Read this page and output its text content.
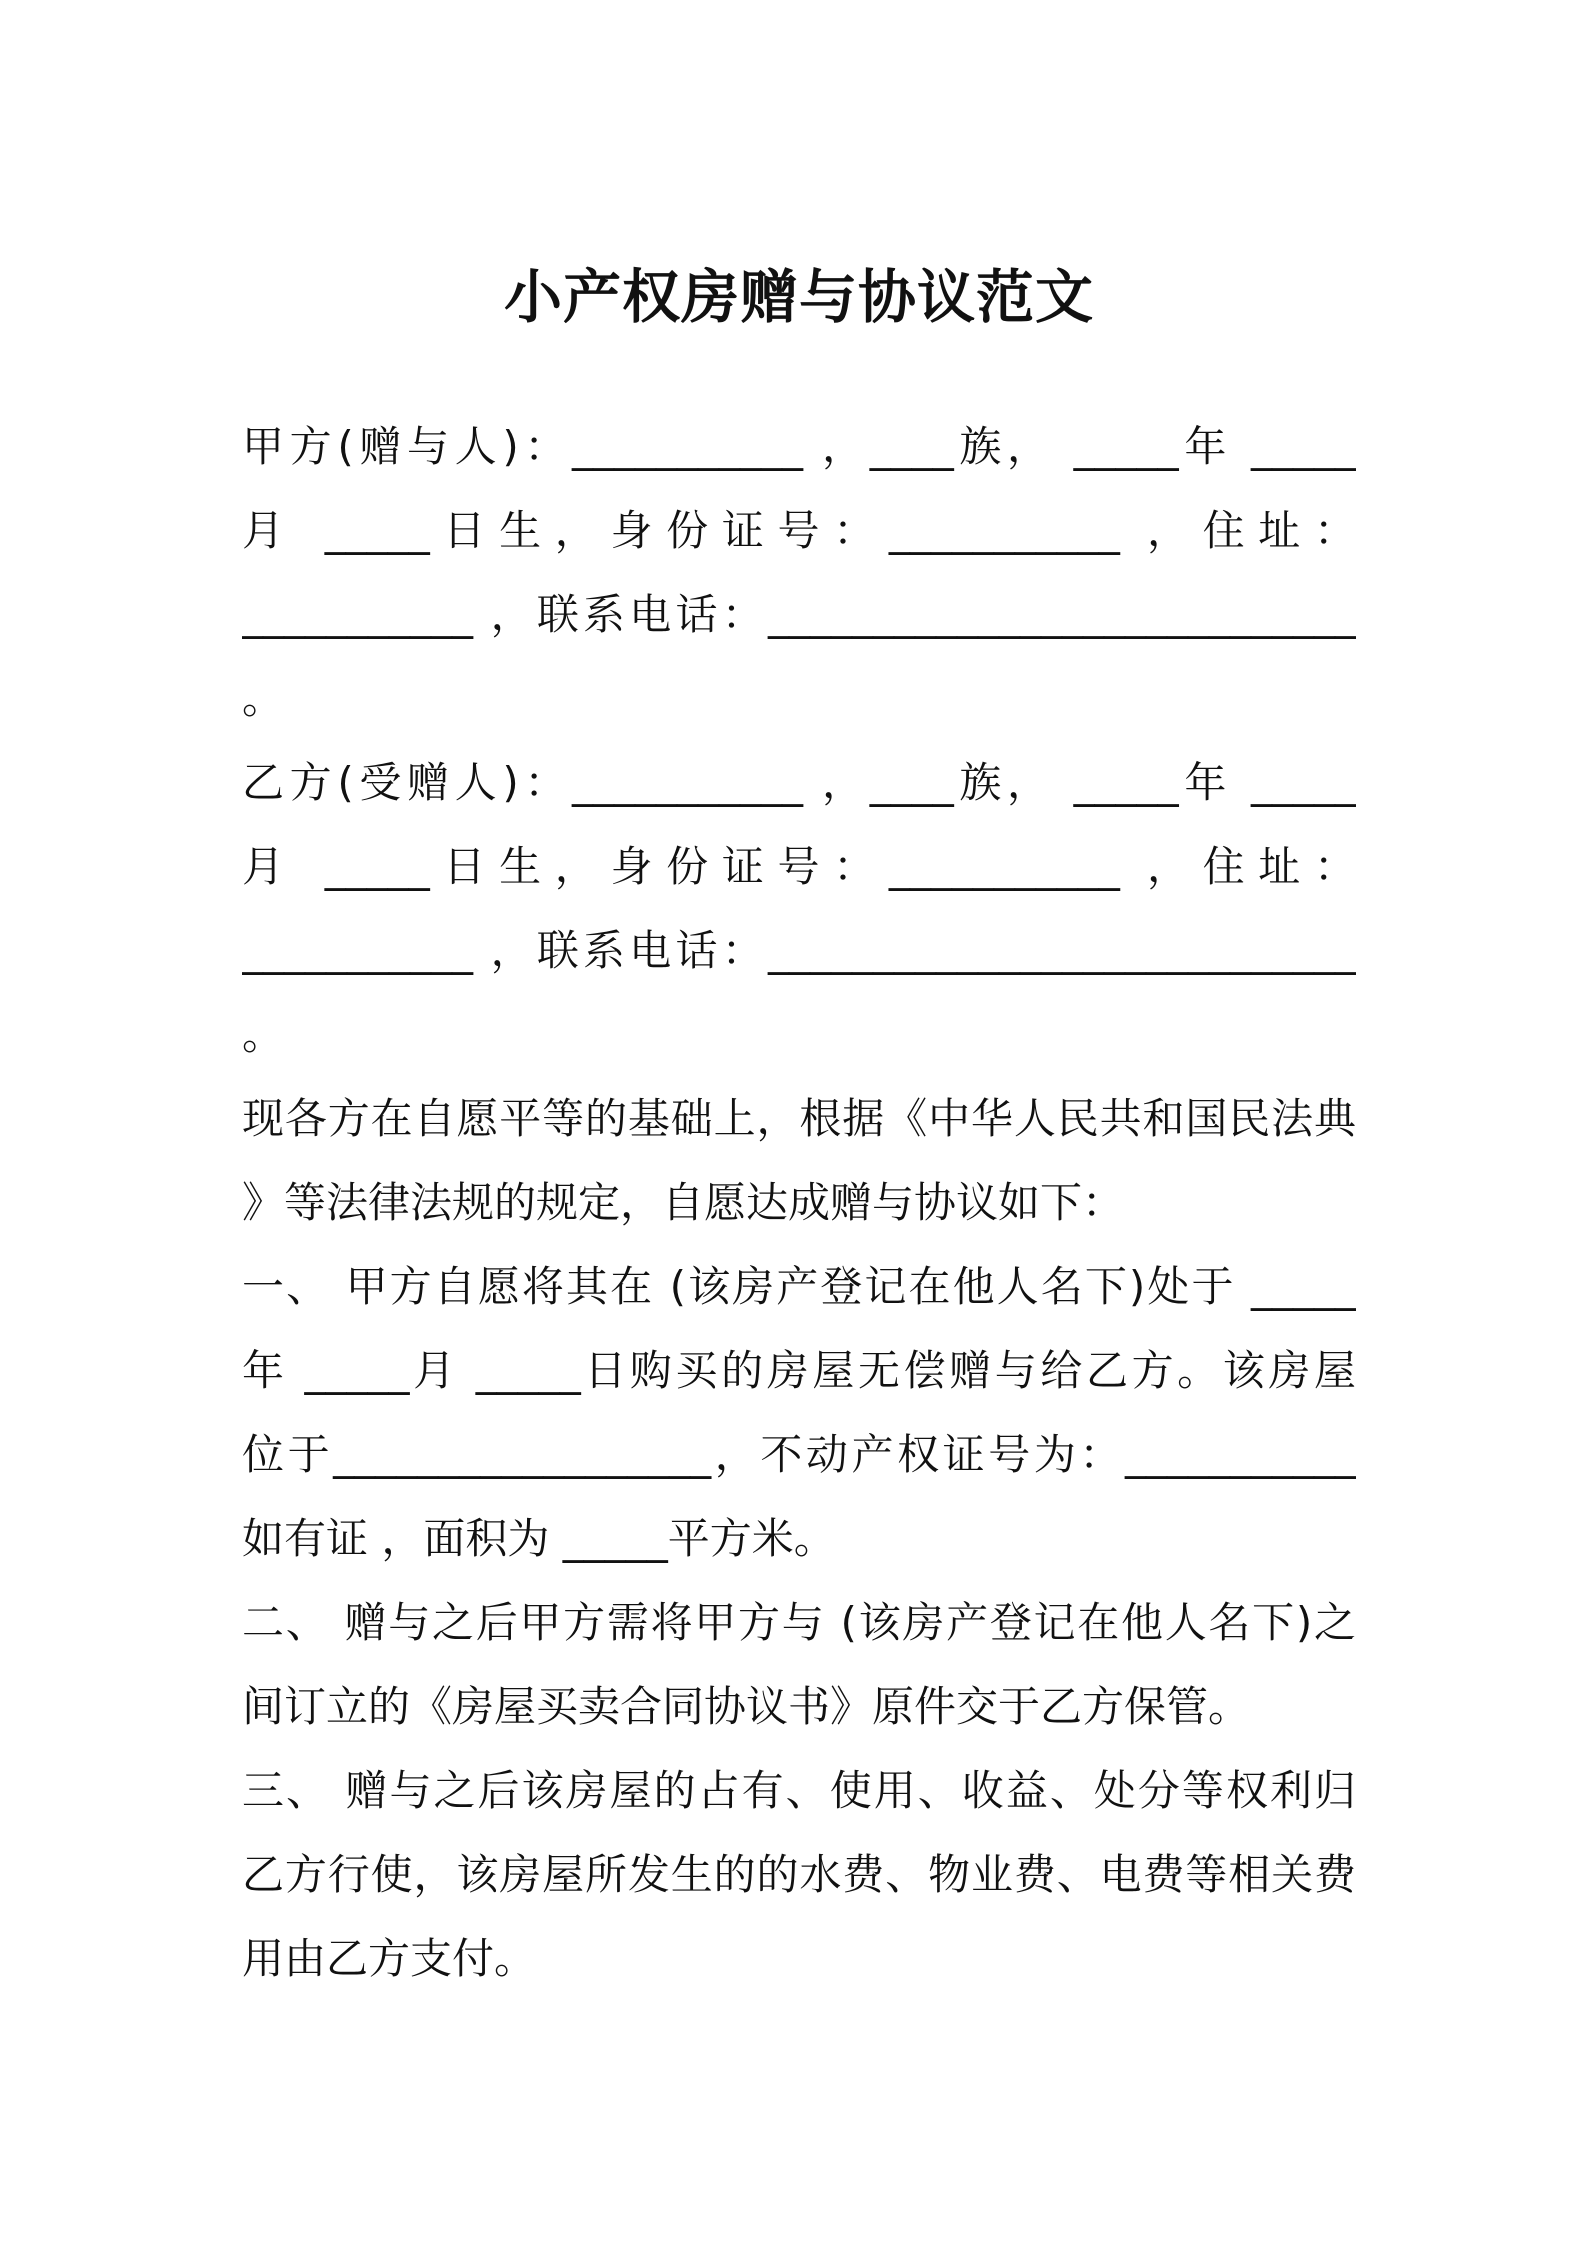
小产权房赠与协议范文
甲方(赠与人)：___________ ，____族， _____年 _____
月 _____日生，身份证号：___________ ，住址：
___________ ，联系电话：____________________________
。
乙方(受赠人)：___________ ，____族， _____年 _____
月 _____日生，身份证号：___________ ，住址：
___________ ，联系电话：____________________________
。
现各方在自愿平等的基础上，根据《中华人民共和国民法典
》等法律法规的规定，自愿达成赠与协议如下：
一、 甲方自愿将其在 (该房产登记在他人名下)处于 _____
年 _____月 _____日购买的房屋无偿赠与给乙方。该房屋
位于__________________，不动产权证号为：___________
如有证 ，面积为 _____平方米。
二、 赠与之后甲方需将甲方与 (该房产登记在他人名下)之
间订立的《房屋买卖合同协议书》原件交于乙方保管。
三、 赠与之后该房屋的占有、使用、收益、处分等权利归
乙方行使，该房屋所发生的的水费、物业费、电费等相关费
用由乙方支付。
